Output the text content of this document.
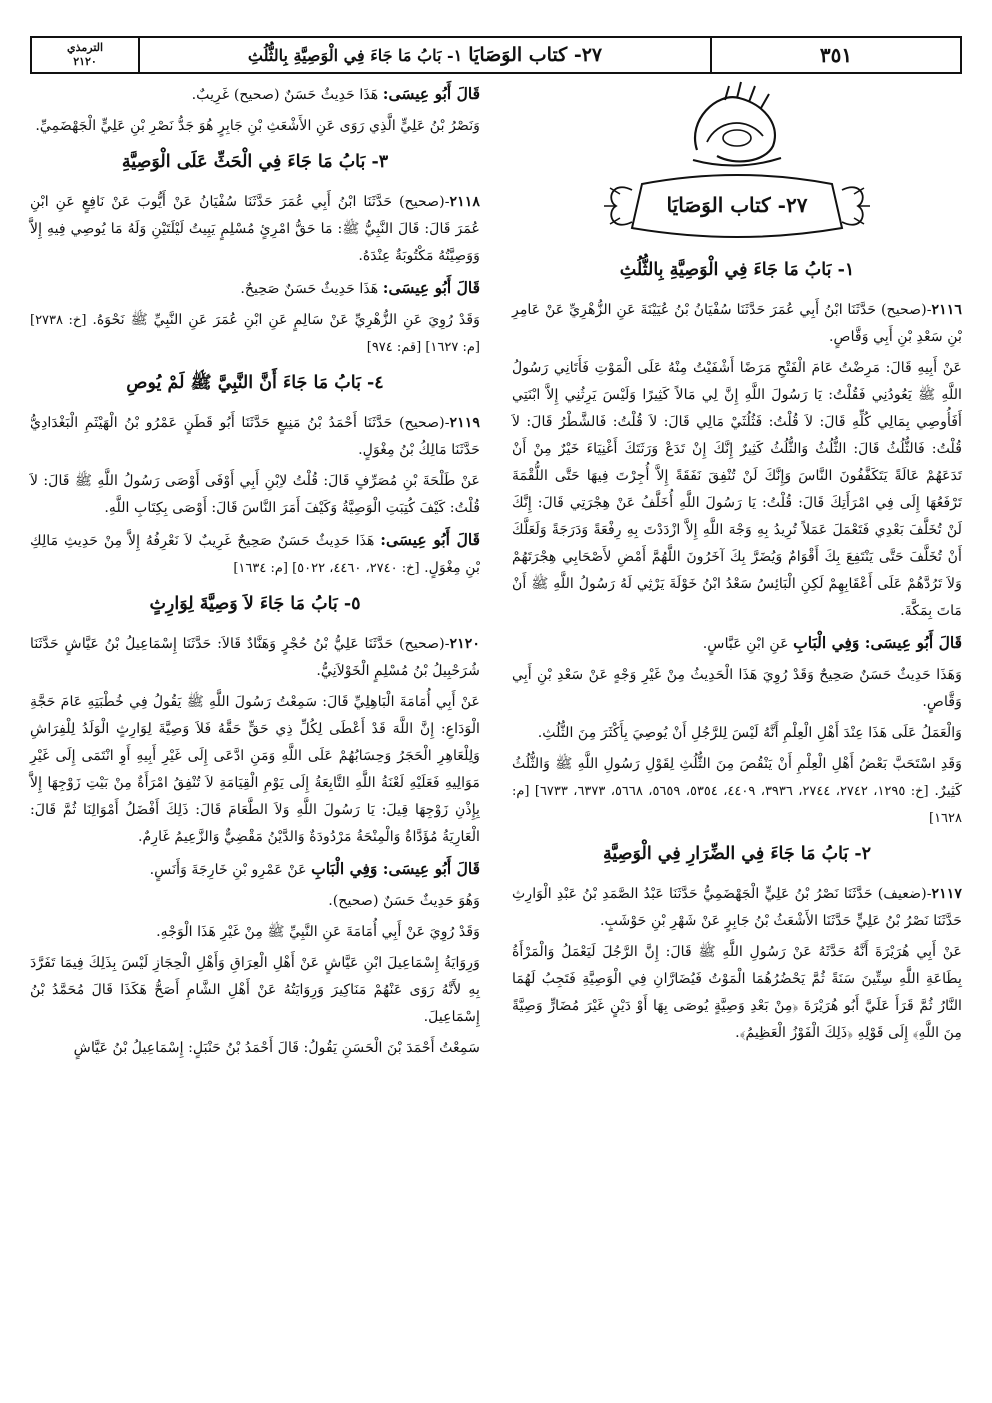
٣٥١
٢٧- كتاب الوَصَايَا
١- بَابُ مَا جَاءَ فِي الْوَصِيَّةِ بِالثُّلُثِ
الترمذي
٢١٢٠
٢٧- كتاب الوَصَايَا
١- بَابُ مَا جَاءَ فِي الْوَصِيَّةِ بِالثُّلُثِ

٢١١٦-(صحيح) حَدَّثَنَا ابْنُ أَبِي عُمَرَ حَدَّثَنَا سُفْيَانُ بْنُ عُيَيْنَةَ عَنِ الزُّهْرِيِّ عَنْ عَامِرِ بْنِ سَعْدِ بْنِ أَبِي وَقَّاصٍ.

عَنْ أَبِيهِ قَالَ: مَرِضْتُ عَامَ الْفَتْحِ مَرَضًا أَشْفَيْتُ مِنْهُ عَلَى الْمَوْتِ فَأَتَانِي رَسُولُ اللَّهِ ﷺ يَعُودُنِي فَقُلْتُ: يَا رَسُولَ اللَّهِ إِنَّ لِي مَالاً كَثِيرًا وَلَيْسَ يَرِثُنِي إِلاَّ ابْنَتِي أَفَأُوصِي بِمَالِي كُلِّهِ قَالَ: لاَ قُلْتُ: فَثُلُثَيْ مَالِي قَالَ: لاَ قُلْتُ: فَالشَّطْرُ قَالَ: لاَ قُلْتُ: فَالثُّلُثُ قَالَ: الثُّلُثُ وَالثُّلُثُ كَثِيرٌ إِنَّكَ إِنْ تَدَعْ وَرَثَتَكَ أَغْنِيَاءَ خَيْرٌ مِنْ أَنْ تَدَعَهُمْ عَالَةً يَتَكَفَّفُونَ النَّاسَ وَإِنَّكَ لَنْ تُنْفِقَ نَفَقَةً إِلاَّ أُجِرْتَ فِيهَا حَتَّى اللُّقْمَةَ تَرْفَعُهَا إِلَى فِي امْرَأَتِكَ قَالَ: قُلْتُ: يَا رَسُولَ اللَّهِ أُخَلَّفُ عَنْ هِجْرَتِي قَالَ: إِنَّكَ لَنْ تُخَلَّفَ بَعْدِي فَتَعْمَلَ عَمَلاً تُرِيدُ بِهِ وَجْهَ اللَّهِ إِلاَّ ازْدَدْتَ بِهِ رِفْعَةً وَدَرَجَةً وَلَعَلَّكَ أَنْ تُخَلَّفَ حَتَّى يَنْتَفِعَ بِكَ أَقْوَامٌ وَيُضَرَّ بِكَ آخَرُونَ اللَّهُمَّ أَمْضِ لأَصْحَابِي هِجْرَتَهُمْ وَلاَ تَرُدَّهُمْ عَلَى أَعْقَابِهِمْ لَكِنِ الْبَائِسُ سَعْدُ ابْنُ خَوْلَةَ يَرْثِي لَهُ رَسُولُ اللَّهِ ﷺ أَنْ مَاتَ بِمَكَّةَ.

قَالَ أَبُو عِيسَى: وَفِي الْبَابِ عَنِ ابْنِ عَبَّاسٍ.

وَهَذَا حَدِيثٌ حَسَنٌ صَحِيحٌ وَقَدْ رُوِيَ هَذَا الْحَدِيثُ مِنْ غَيْرِ وَجْهٍ عَنْ سَعْدِ بْنِ أَبِي وَقَّاصٍ.

وَالْعَمَلُ عَلَى هَذَا عِنْدَ أَهْلِ الْعِلْمِ أَنَّهُ لَيْسَ لِلرَّجُلِ أَنْ يُوصِيَ بِأَكْثَرَ مِنَ الثُّلُثِ.

وَقَدِ اسْتَحَبَّ بَعْضُ أَهْلِ الْعِلْمِ أَنْ يَنْقُصَ مِنَ الثُّلُثِ لِقَوْلِ رَسُولِ اللَّهِ ﷺ وَالثُّلُثُ كَثِيرٌ. [خ: ١٢٩٥، ٢٧٤٢، ٢٧٤٤، ٣٩٣٦، ٤٤٠٩، ٥٣٥٤، ٥٦٥٩، ٥٦٦٨، ٦٣٧٣، ٦٧٣٣] [م: ١٦٢٨]

٢- بَابُ مَا جَاءَ فِي الضِّرَارِ فِي الْوَصِيَّةِ

٢١١٧-(ضعيف) حَدَّثَنَا نَصْرُ بْنُ عَلِيٍّ الْجَهْضَمِيُّ حَدَّثَنَا عَبْدُ الصَّمَدِ بْنُ عَبْدِ الْوَارِثِ حَدَّثَنَا نَصْرُ بْنُ عَلِيٍّ حَدَّثَنَا الأَشْعَثُ بْنُ جَابِرٍ عَنْ شَهْرِ بْنِ حَوْشَبٍ.

عَنْ أَبِي هُرَيْرَةَ أَنَّهُ حَدَّثَهُ عَنْ رَسُولِ اللَّهِ ﷺ قَالَ: إِنَّ الرَّجُلَ لَيَعْمَلُ وَالْمَرْأَةُ بِطَاعَةِ اللَّهِ سِتِّينَ سَنَةً ثُمَّ يَحْضُرُهُمَا الْمَوْتُ فَيُضَارَّانِ فِي الْوَصِيَّةِ فَتَجِبُ لَهُمَا النَّارُ ثُمَّ قَرَأَ عَلَيَّ أَبُو هُرَيْرَةَ ﴿مِنْ بَعْدِ وَصِيَّةٍ يُوصَى بِهَا أَوْ دَيْنٍ غَيْرَ مُضَارٍّ وَصِيَّةً مِنَ اللَّهِ﴾ إِلَى قَوْلِهِ ﴿ذَلِكَ الْفَوْزُ الْعَظِيمُ﴾.

قَالَ أَبُو عِيسَى: هَذَا حَدِيثٌ حَسَنٌ (صحيح) غَرِيبٌ.

وَنَصْرُ بْنُ عَلِيٍّ الَّذِي رَوَى عَنِ الأَشْعَثِ بْنِ جَابِرٍ هُوَ جَدُّ نَصْرِ بْنِ عَلِيٍّ الْجَهْضَمِيِّ.

٣- بَابُ مَا جَاءَ فِي الْحَثِّ عَلَى الْوَصِيَّةِ

٢١١٨-(صحيح) حَدَّثَنَا ابْنُ أَبِي عُمَرَ حَدَّثَنَا سُفْيَانُ عَنْ أَيُّوبَ عَنْ نَافِعٍ عَنِ ابْنِ عُمَرَ قَالَ: قَالَ النَّبِيُّ ﷺ: مَا حَقُّ امْرِئٍ مُسْلِمٍ يَبِيتُ لَيْلَتَيْنِ وَلَهُ مَا يُوصِي فِيهِ إِلاَّ وَوَصِيَّتُهُ مَكْتُوبَةٌ عِنْدَهُ.

قَالَ أَبُو عِيسَى: هَذَا حَدِيثٌ حَسَنٌ صَحِيحٌ.

وَقَدْ رُوِيَ عَنِ الزُّهْرِيِّ عَنْ سَالِمٍ عَنِ ابْنِ عُمَرَ عَنِ النَّبِيِّ ﷺ نَحْوَهُ. [خ: ٢٧٣٨] [م: ١٦٢٧] [قم: ٩٧٤]

٤- بَابُ مَا جَاءَ أَنَّ النَّبِيَّ ﷺ لَمْ يُوصِ

٢١١٩-(صحيح) حَدَّثَنَا أَحْمَدُ بْنُ مَنِيعٍ حَدَّثَنَا أَبُو قَطَنٍ عَمْرُو بْنُ الْهَيْثَمِ الْبَغْدَادِيُّ حَدَّثَنَا مَالِكُ بْنُ مِغْوَلٍ.

عَنْ طَلْحَةَ بْنِ مُصَرِّفٍ قَالَ: قُلْتُ لاِبْنِ أَبِي أَوْفَى أَوْصَى رَسُولُ اللَّهِ ﷺ قَالَ: لاَ قُلْتُ: كَيْفَ كُتِبَتِ الْوَصِيَّةُ وَكَيْفَ أَمَرَ النَّاسَ قَالَ: أَوْصَى بِكِتَابِ اللَّهِ.

قَالَ أَبُو عِيسَى: هَذَا حَدِيثٌ حَسَنٌ صَحِيحٌ غَرِيبٌ لاَ نَعْرِفُهُ إِلاَّ مِنْ حَدِيثِ مَالِكِ بْنِ مِغْوَلٍ. [خ: ٢٧٤٠، ٤٤٦٠، ٥٠٢٢] [م: ١٦٣٤]

٥- بَابُ مَا جَاءَ لاَ وَصِيَّةَ لِوَارِثٍ

٢١٢٠-(صحيح) حَدَّثَنَا عَلِيُّ بْنُ حُجْرٍ وَهَنَّادٌ قَالاَ: حَدَّثَنَا إِسْمَاعِيلُ بْنُ عَيَّاشٍ حَدَّثَنَا شُرَحْبِيلُ بْنُ مُسْلِمٍ الْخَوْلاَنِيُّ.

عَنْ أَبِي أُمَامَةَ الْبَاهِلِيِّ قَالَ: سَمِعْتُ رَسُولَ اللَّهِ ﷺ يَقُولُ فِي خُطْبَتِهِ عَامَ حَجَّةِ الْوَدَاعِ: إِنَّ اللَّهَ قَدْ أَعْطَى لِكُلِّ ذِي حَقٍّ حَقَّهُ فَلاَ وَصِيَّةَ لِوَارِثٍ الْوَلَدُ لِلْفِرَاشِ وَلِلْعَاهِرِ الْحَجَرُ وَحِسَابُهُمْ عَلَى اللَّهِ وَمَنِ ادَّعَى إِلَى غَيْرِ أَبِيهِ أَوِ انْتَمَى إِلَى غَيْرِ مَوَالِيهِ فَعَلَيْهِ لَعْنَةُ اللَّهِ التَّابِعَةُ إِلَى يَوْمِ الْقِيَامَةِ لاَ تُنْفِقُ امْرَأَةٌ مِنْ بَيْتِ زَوْجِهَا إِلاَّ بِإِذْنِ زَوْجِهَا قِيلَ: يَا رَسُولَ اللَّهِ وَلاَ الطَّعَامَ قَالَ: ذَلِكَ أَفْضَلُ أَمْوَالِنَا ثُمَّ قَالَ: الْعَارِيَةُ مُؤَدَّاةٌ وَالْمِنْحَةُ مَرْدُودَةٌ وَالدَّيْنُ مَقْضِيٌّ وَالزَّعِيمُ غَارِمٌ.

قَالَ أَبُو عِيسَى: وَفِي الْبَابِ عَنْ عَمْرِو بْنِ خَارِجَةَ وَأَنَسٍ.

وَهُوَ حَدِيثٌ حَسَنٌ (صحيح).

وَقَدْ رُوِيَ عَنْ أَبِي أُمَامَةَ عَنِ النَّبِيِّ ﷺ مِنْ غَيْرِ هَذَا الْوَجْهِ.

وَرِوَايَةُ إِسْمَاعِيلَ ابْنِ عَيَّاشٍ عَنْ أَهْلِ الْعِرَاقِ وَأَهْلِ الْحِجَازِ لَيْسَ بِذَلِكَ فِيمَا تَفَرَّدَ بِهِ لأَنَّهُ رَوَى عَنْهُمْ مَنَاكِيرَ وَرِوَايَتُهُ عَنْ أَهْلِ الشَّامِ أَصَحُّ هَكَذَا قَالَ مُحَمَّدُ بْنُ إِسْمَاعِيلَ.

سَمِعْتُ أَحْمَدَ بْنَ الْحَسَنِ يَقُولُ: قَالَ أَحْمَدُ بْنُ حَنْبَلٍ: إِسْمَاعِيلُ بْنُ عَيَّاشٍ
